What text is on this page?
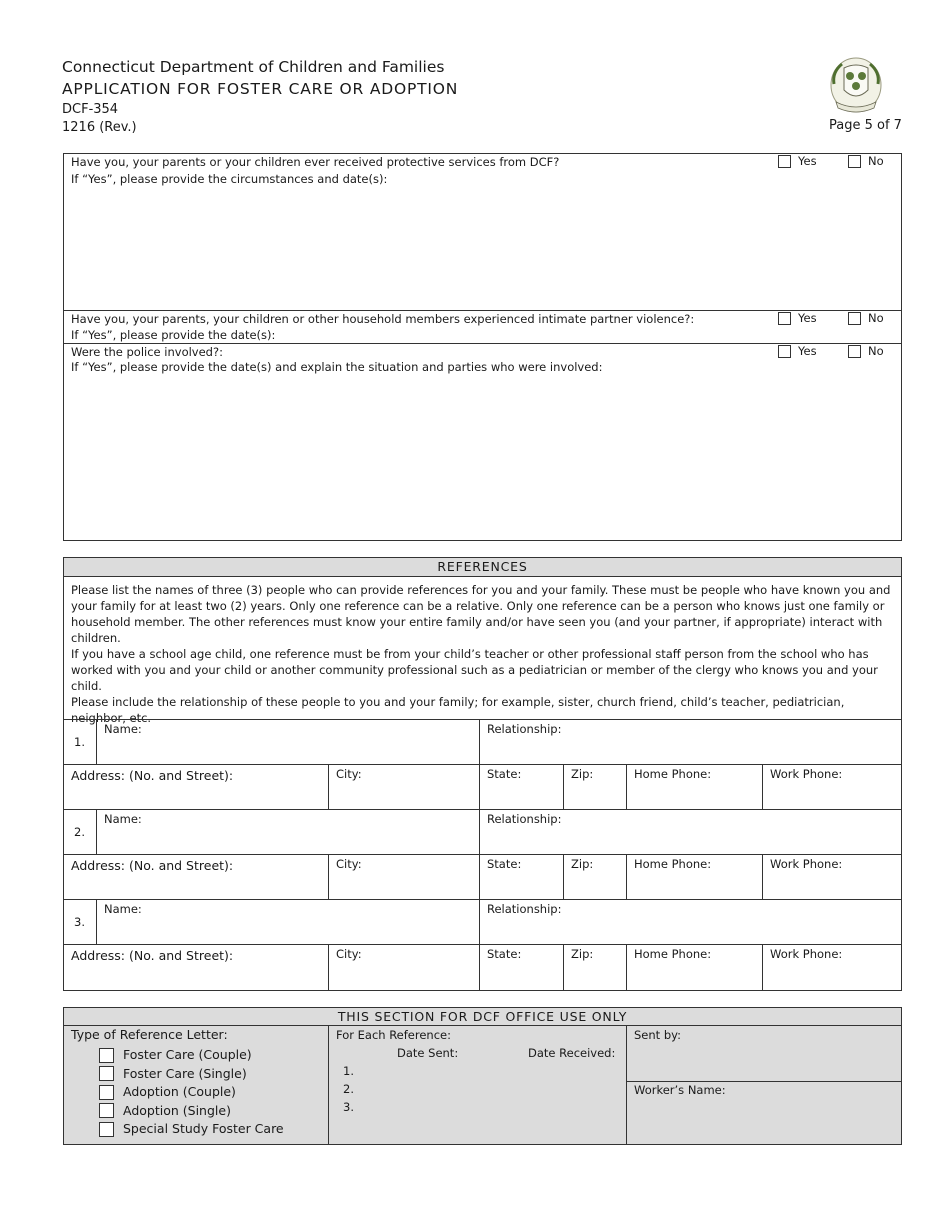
Connecticut Department of Children and Families
APPLICATION FOR FOSTER CARE OR ADOPTION
DCF-354
1216 (Rev.)	Page 5 of 7
Have you, your parents or your children ever received protective services from DCF?
If “Yes”, please provide the circumstances and date(s):
Yes	No
Have you, your parents, your children or other household members experienced intimate partner violence?:
If “Yes”, please provide the date(s):
Yes	No
Were the police involved?:
If “Yes”, please provide the date(s) and explain the situation and parties who were involved:
Yes	No
REFERENCES
Please list the names of three (3) people who can provide references for you and your family. These must be people who have known you and your family for at least two (2) years. Only one reference can be a relative. Only one reference can be a person who knows just one family or household member. The other references must know your entire family and/or have seen you (and your partner, if appropriate) interact with children.
If you have a school age child, one reference must be from your child’s teacher or other professional staff person from the school who has worked with you and your child or another community professional such as a pediatrician or member of the clergy who knows you and your child.
Please include the relationship of these people to you and your family; for example, sister, church friend, child’s teacher, pediatrician, neighbor, etc.
1.
Name:	Relationship:
Address: (No. and Street):	City:	State:	Zip:	Home Phone:	Work Phone:
2.
Name:	Relationship:
Address: (No. and Street):	City:	State:	Zip:	Home Phone:	Work Phone:
3.
Name:	Relationship:
Address: (No. and Street):	City:	State:	Zip:	Home Phone:	Work Phone:
THIS SECTION FOR DCF OFFICE USE ONLY
Type of Reference Letter:
Foster Care (Couple)
Foster Care (Single)
Adoption (Couple)
Adoption (Single)
Special Study Foster Care
For Each Reference:
Date Sent:	Date Received:
1.
2.
3.
Sent by:
Worker’s Name:
